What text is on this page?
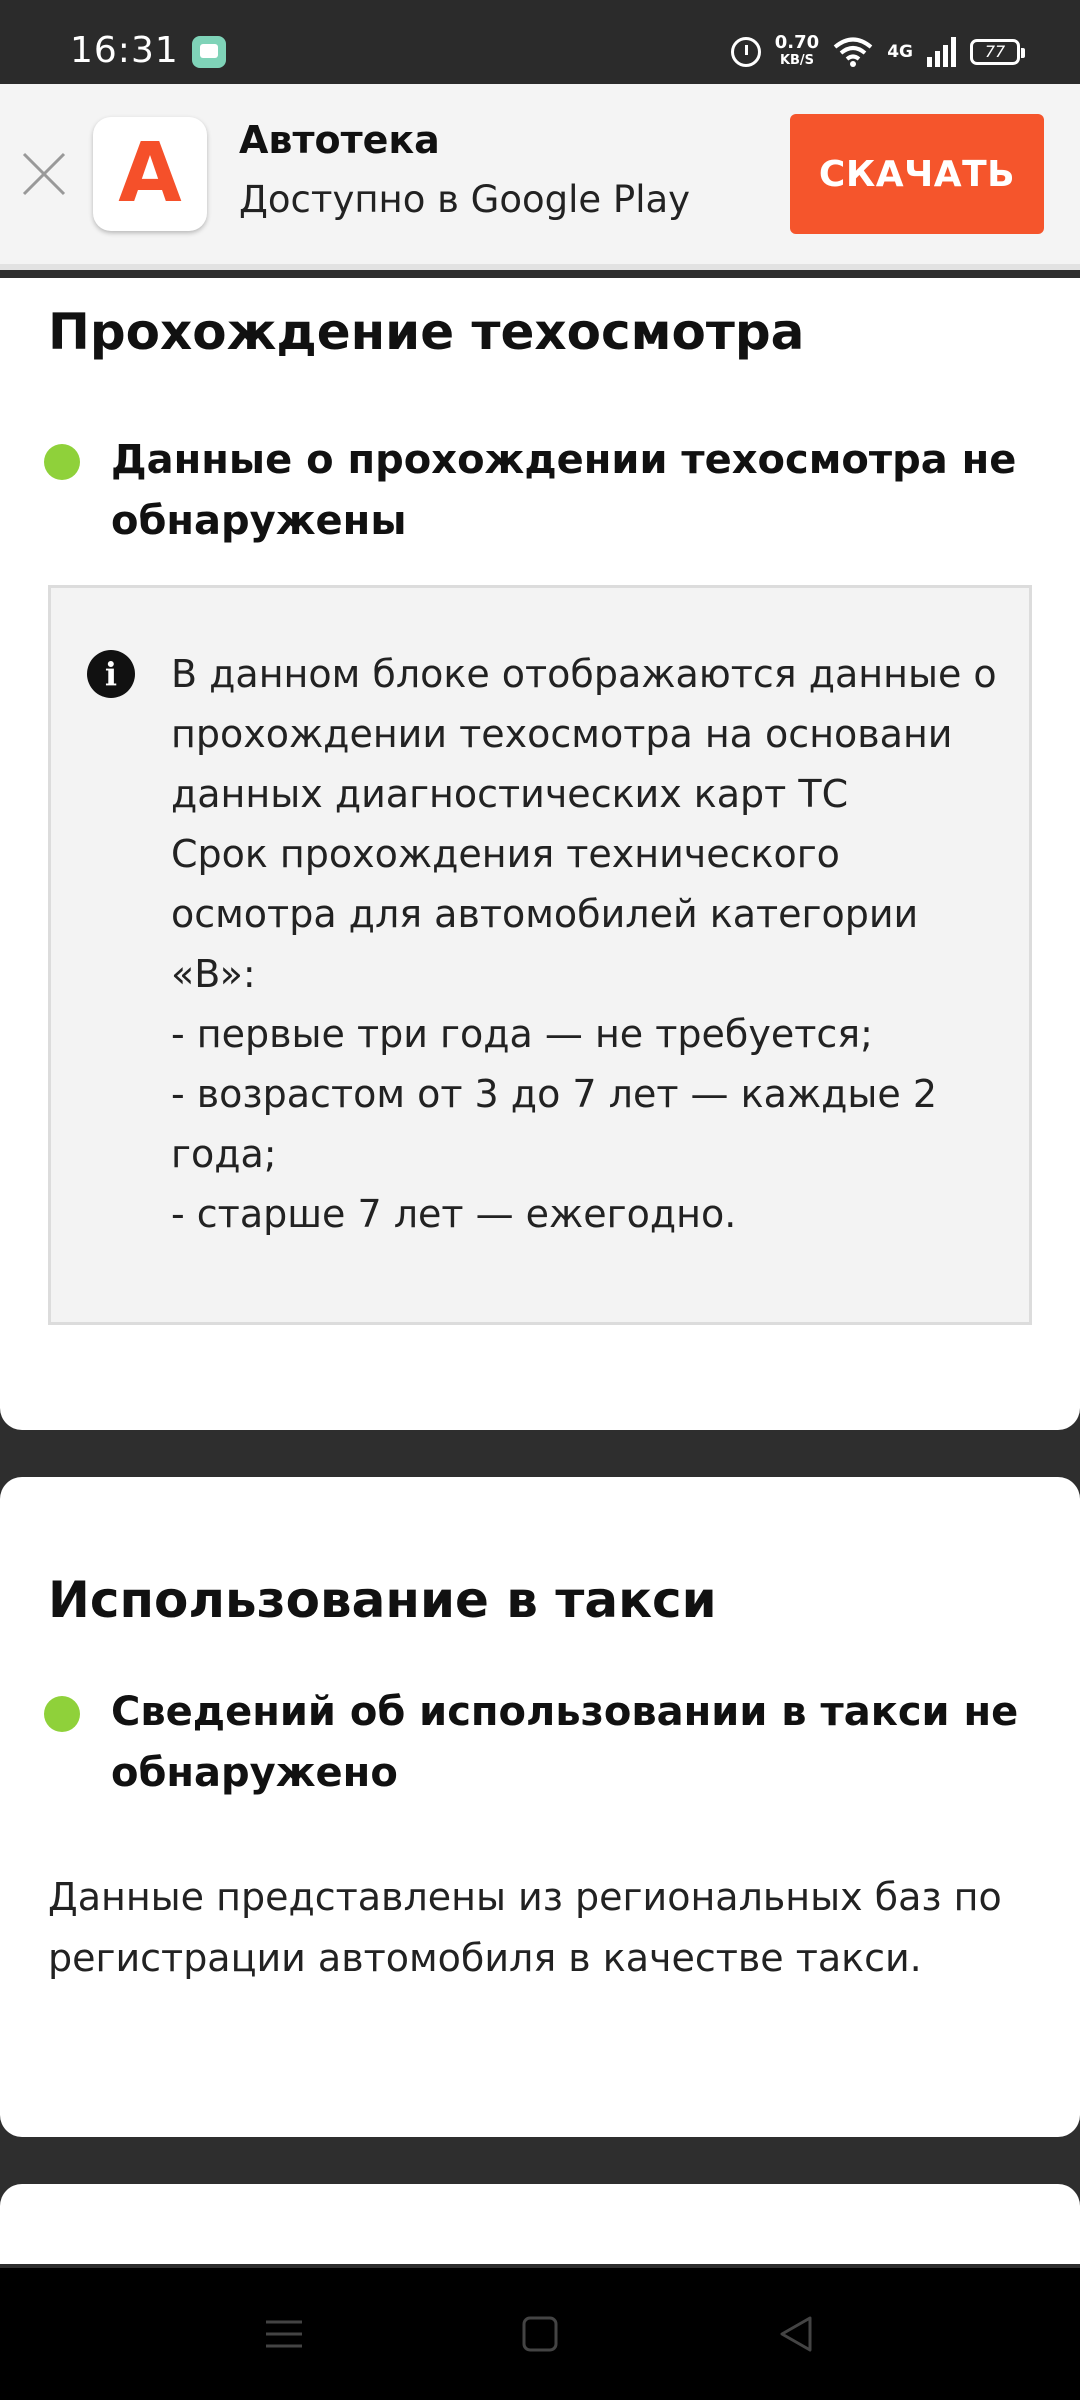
16:31	0.70
KB/S	4G	77
A Автотека
Доступно в Google Play
СКАЧАТЬ
Прохождение техосмотра
Данные о прохождении техосмотра не обнаружены
i	В данном блоке отображаются данные о прохождении техосмотра на основани данных диагностических карт ТС
Срок прохождения технического осмотра для автомобилей категории «B»:
- первые три года — не требуется;
- возрастом от 3 до 7 лет — каждые 2 года;
- старше 7 лет — ежегодно.
Использование в такси
Сведений об использовании в такси не обнаружено
Данные представлены из региональных баз по регистрации автомобиля в качестве такси.
